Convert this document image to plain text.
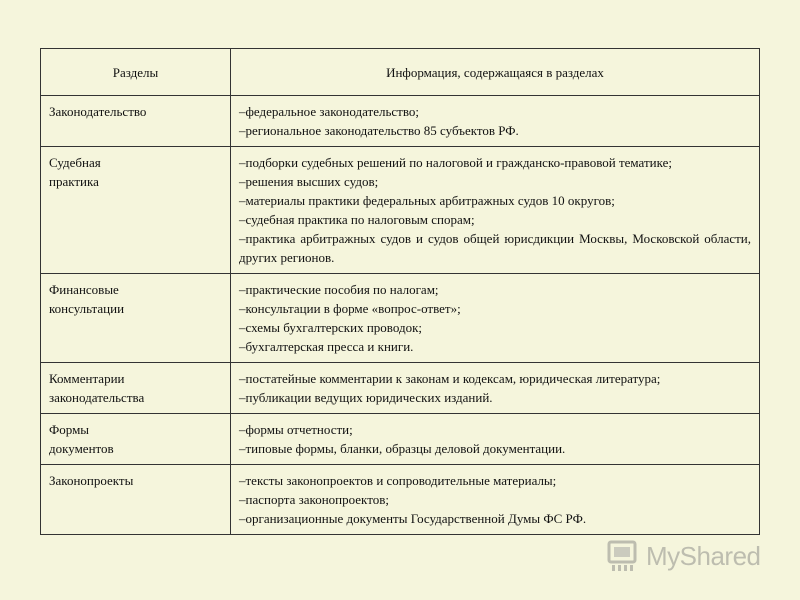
Разделы	Информация, содержащаяся в разделах
Законодательство	–федеральное законодательство;
–региональное законодательство 85 субъектов РФ.

Судебная
практика	–подборки судебных решений по налоговой и гражданско-правовой тематике;
–решения высших судов;
–материалы практики федеральных арбитражных судов 10 округов;
–судебная практика по налоговым спорам;
–практика арбитражных судов и судов общей юрисдикции Москвы, Московской области, других регионов.

Финансовые
консультации	–практические пособия по налогам;
–консультации в форме «вопрос-ответ»;
–схемы бухгалтерских проводок;
–бухгалтерская пресса и книги.

Комментарии
законодательства	–постатейные комментарии к законам и кодексам, юридическая литература;
–публикации ведущих юридических изданий.

Формы
документов	–формы отчетности;
–типовые формы, бланки, образцы деловой документации.

Законопроекты	–тексты законопроектов и сопроводительные материалы;
–паспорта законопроектов;
–организационные документы Государственной Думы ФС РФ.
MyShared
